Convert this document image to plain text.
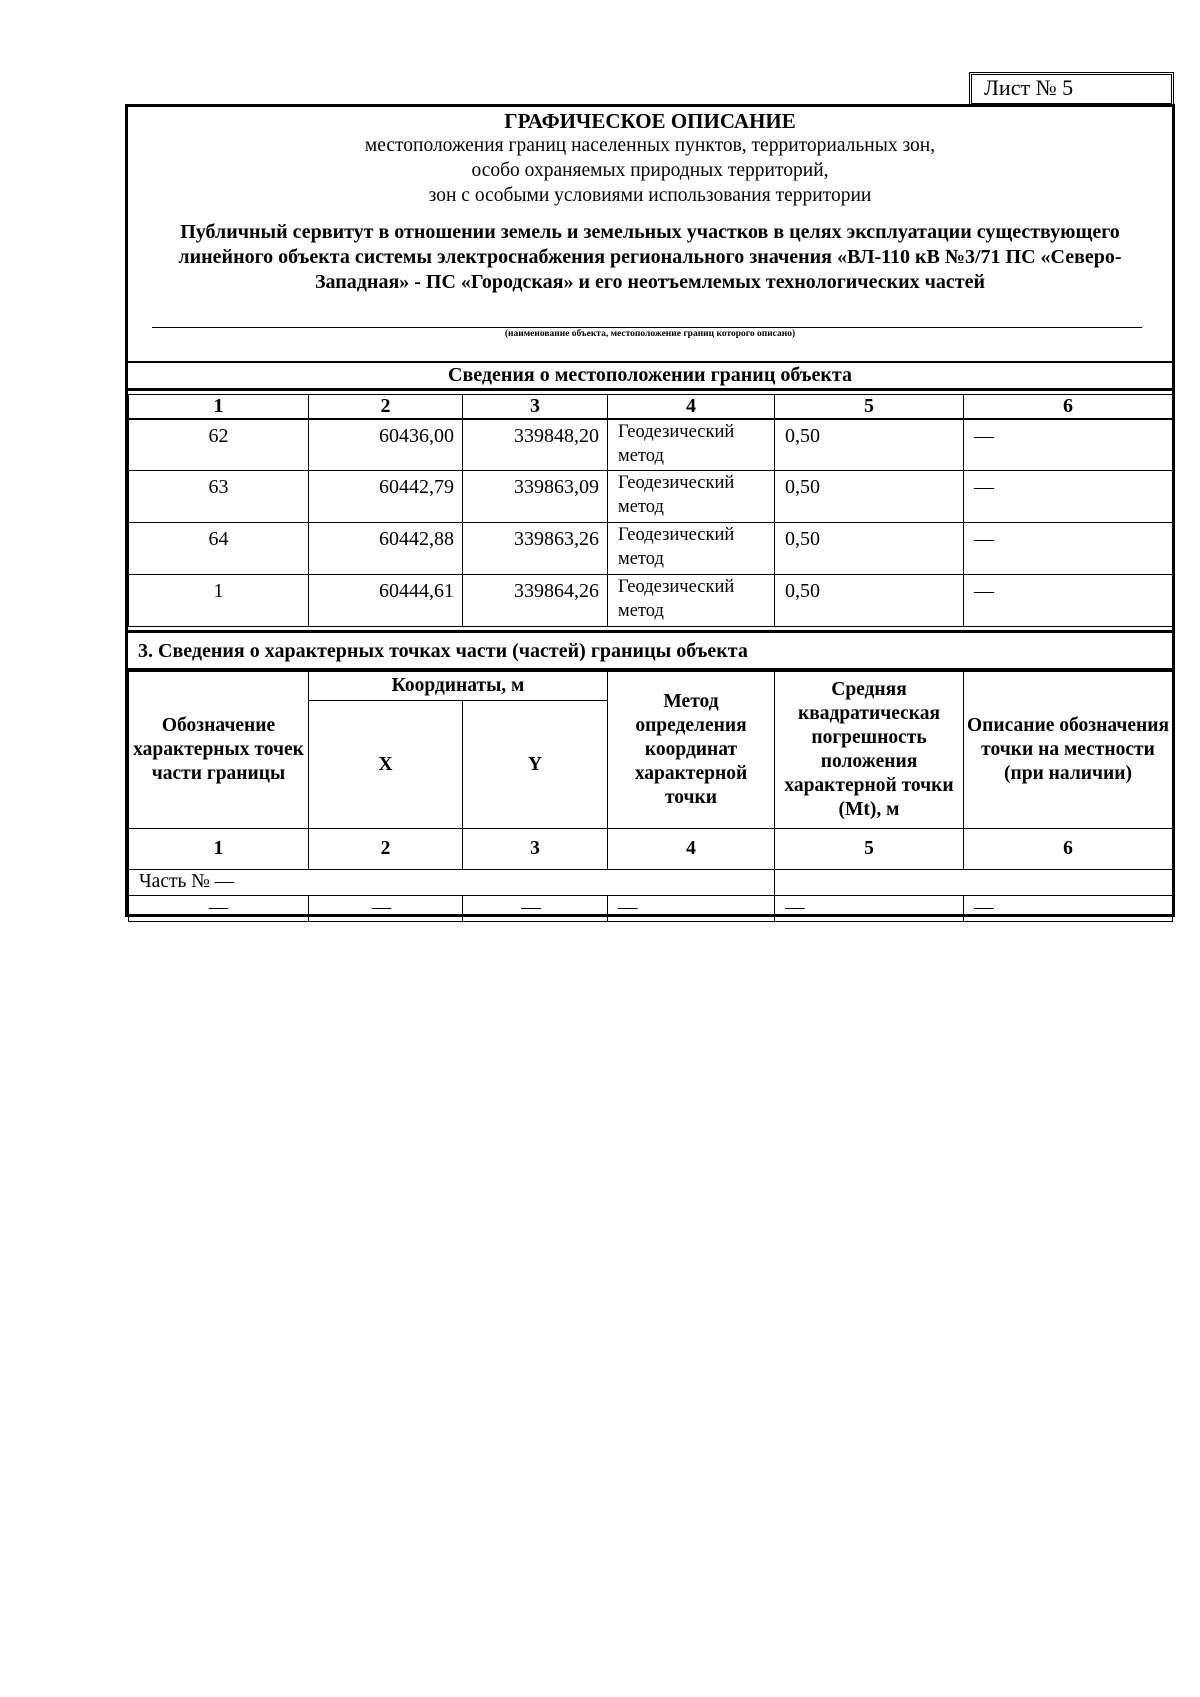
Лист № 5
ГРАФИЧЕСКОЕ ОПИСАНИЕ
местоположения границ населенных пунктов, территориальных зон,
особо охраняемых природных территорий,
зон с особыми условиями использования территории
Публичный сервитут в отношении земель и земельных участков в целях эксплуатации существующего линейного объекта системы электроснабжения регионального значения «ВЛ-110 кВ №3/71 ПС «Северо-Западная» - ПС «Городская» и его неотъемлемых технологических частей
(наименование объекта, местоположение границ которого описано)
Сведения о местоположении границ объекта
1	2	3	4	5	6
62	60436,00	339848,20	Геодезический метод	0,50	—
63	60442,79	339863,09	Геодезический метод	0,50	—
64	60442,88	339863,26	Геодезический метод	0,50	—
1	60444,61	339864,26	Геодезический метод	0,50	—
3. Сведения о характерных точках части (частей) границы объекта
Обозначение характерных точек части границы	Координаты, м		Метод определения координат характерной точки	Средняя квадратическая погрешность положения характерной точки (Мt), м	Описание обозначения точки на местности (при наличии)
	X	Y			
1	2	3	4	5	6
Часть № —					
—	—	—	—	—	—
